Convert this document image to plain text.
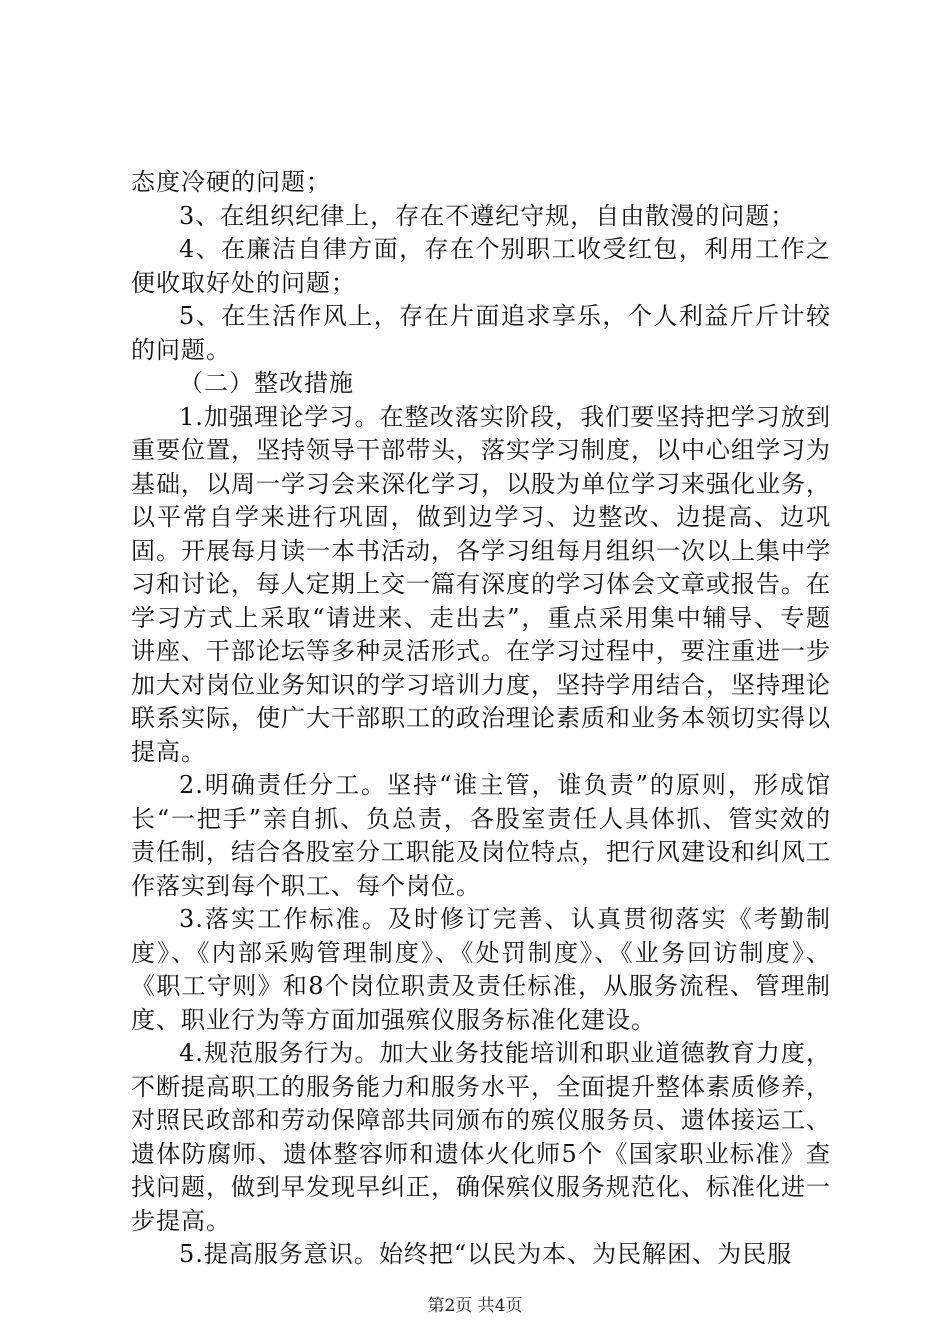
态度冷硬的问题；

3、在组织纪律上，存在不遵纪守规，自由散漫的问题；

4、在廉洁自律方面，存在个别职工收受红包，利用工作之便收取好处的问题；

5、在生活作风上，存在片面追求享乐，个人利益斤斤计较的问题。

（二）整改措施

1.加强理论学习。在整改落实阶段，我们要坚持把学习放到重要位置，坚持领导干部带头，落实学习制度，以中心组学习为基础，以周一学习会来深化学习，以股为单位学习来强化业务，以平常自学来进行巩固，做到边学习、边整改、边提高、边巩固。开展每月读一本书活动，各学习组每月组织一次以上集中学习和讨论，每人定期上交一篇有深度的学习体会文章或报告。在学习方式上采取“请进来、走出去”，重点采用集中辅导、专题讲座、干部论坛等多种灵活形式。在学习过程中，要注重进一步加大对岗位业务知识的学习培训力度，坚持学用结合，坚持理论联系实际，使广大干部职工的政治理论素质和业务本领切实得以提高。

2.明确责任分工。坚持“谁主管，谁负责”的原则，形成馆长“一把手”亲自抓、负总责，各股室责任人具体抓、管实效的责任制，结合各股室分工职能及岗位特点，把行风建设和纠风工作落实到每个职工、每个岗位。

3.落实工作标准。及时修订完善、认真贯彻落实《考勤制度》、《内部采购管理制度》、《处罚制度》、《业务回访制度》、《职工守则》和8个岗位职责及责任标准，从服务流程、管理制度、职业行为等方面加强殡仪服务标准化建设。

4.规范服务行为。加大业务技能培训和职业道德教育力度，不断提高职工的服务能力和服务水平，全面提升整体素质修养，对照民政部和劳动保障部共同颁布的殡仪服务员、遗体接运工、遗体防腐师、遗体整容师和遗体火化师5个《国家职业标准》查找问题，做到早发现早纠正，确保殡仪服务规范化、标准化进一步提高。

5.提高服务意识。始终把“以民为本、为民解困、为民服

第2页 共4页
